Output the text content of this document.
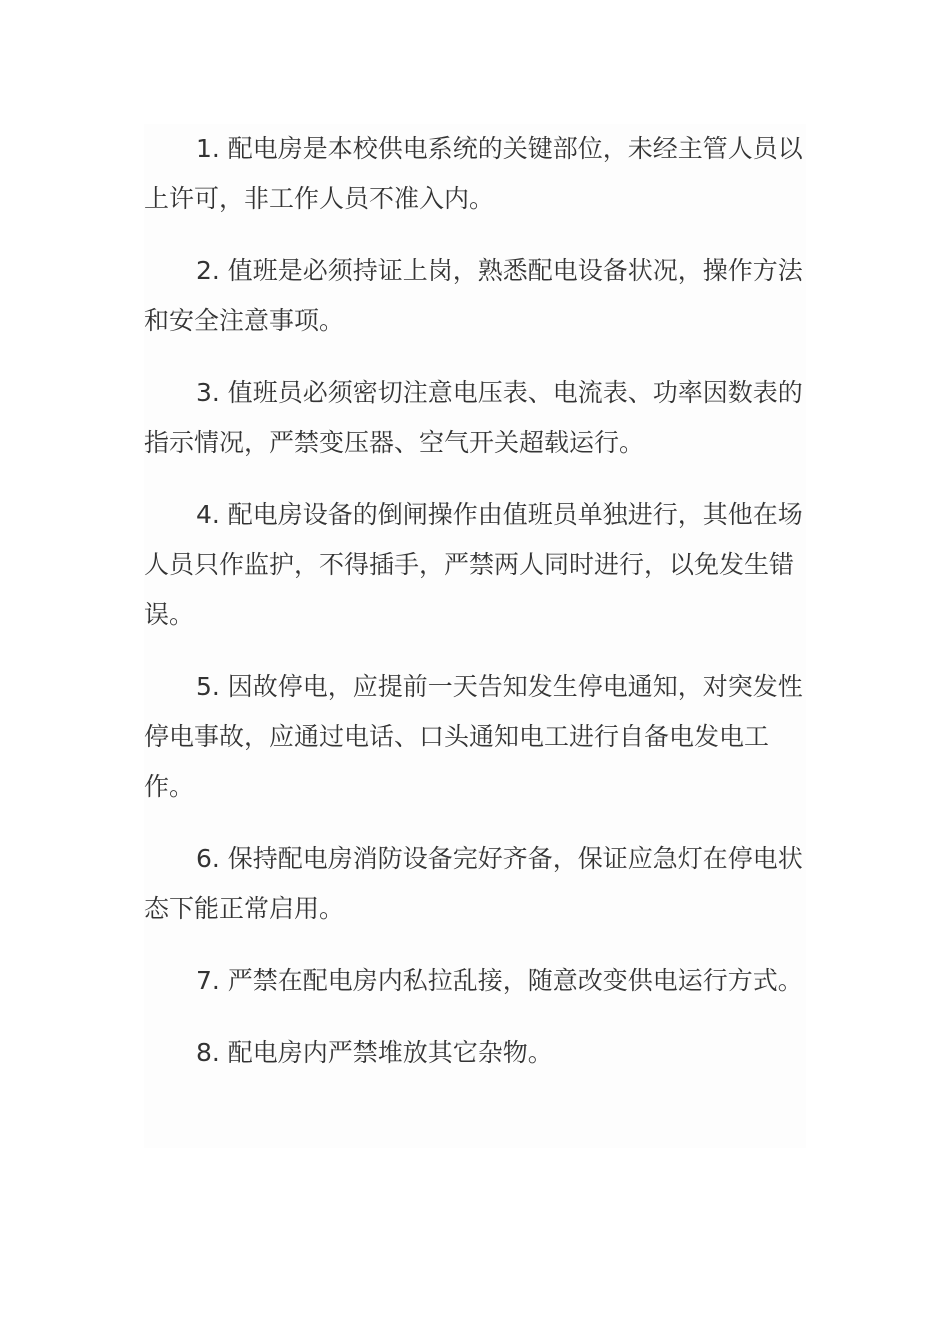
1. 配电房是本校供电系统的关键部位，未经主管人员以上许可，非工作人员不准入内。
2. 值班是必须持证上岗，熟悉配电设备状况，操作方法和安全注意事项。
3. 值班员必须密切注意电压表、电流表、功率因数表的指示情况，严禁变压器、空气开关超载运行。
4. 配电房设备的倒闸操作由值班员单独进行，其他在场人员只作监护，不得插手，严禁两人同时进行，以免发生错误。
5. 因故停电，应提前一天告知发生停电通知，对突发性停电事故，应通过电话、口头通知电工进行自备电发电工作。
6. 保持配电房消防设备完好齐备，保证应急灯在停电状态下能正常启用。
7. 严禁在配电房内私拉乱接，随意改变供电运行方式。
8. 配电房内严禁堆放其它杂物。
